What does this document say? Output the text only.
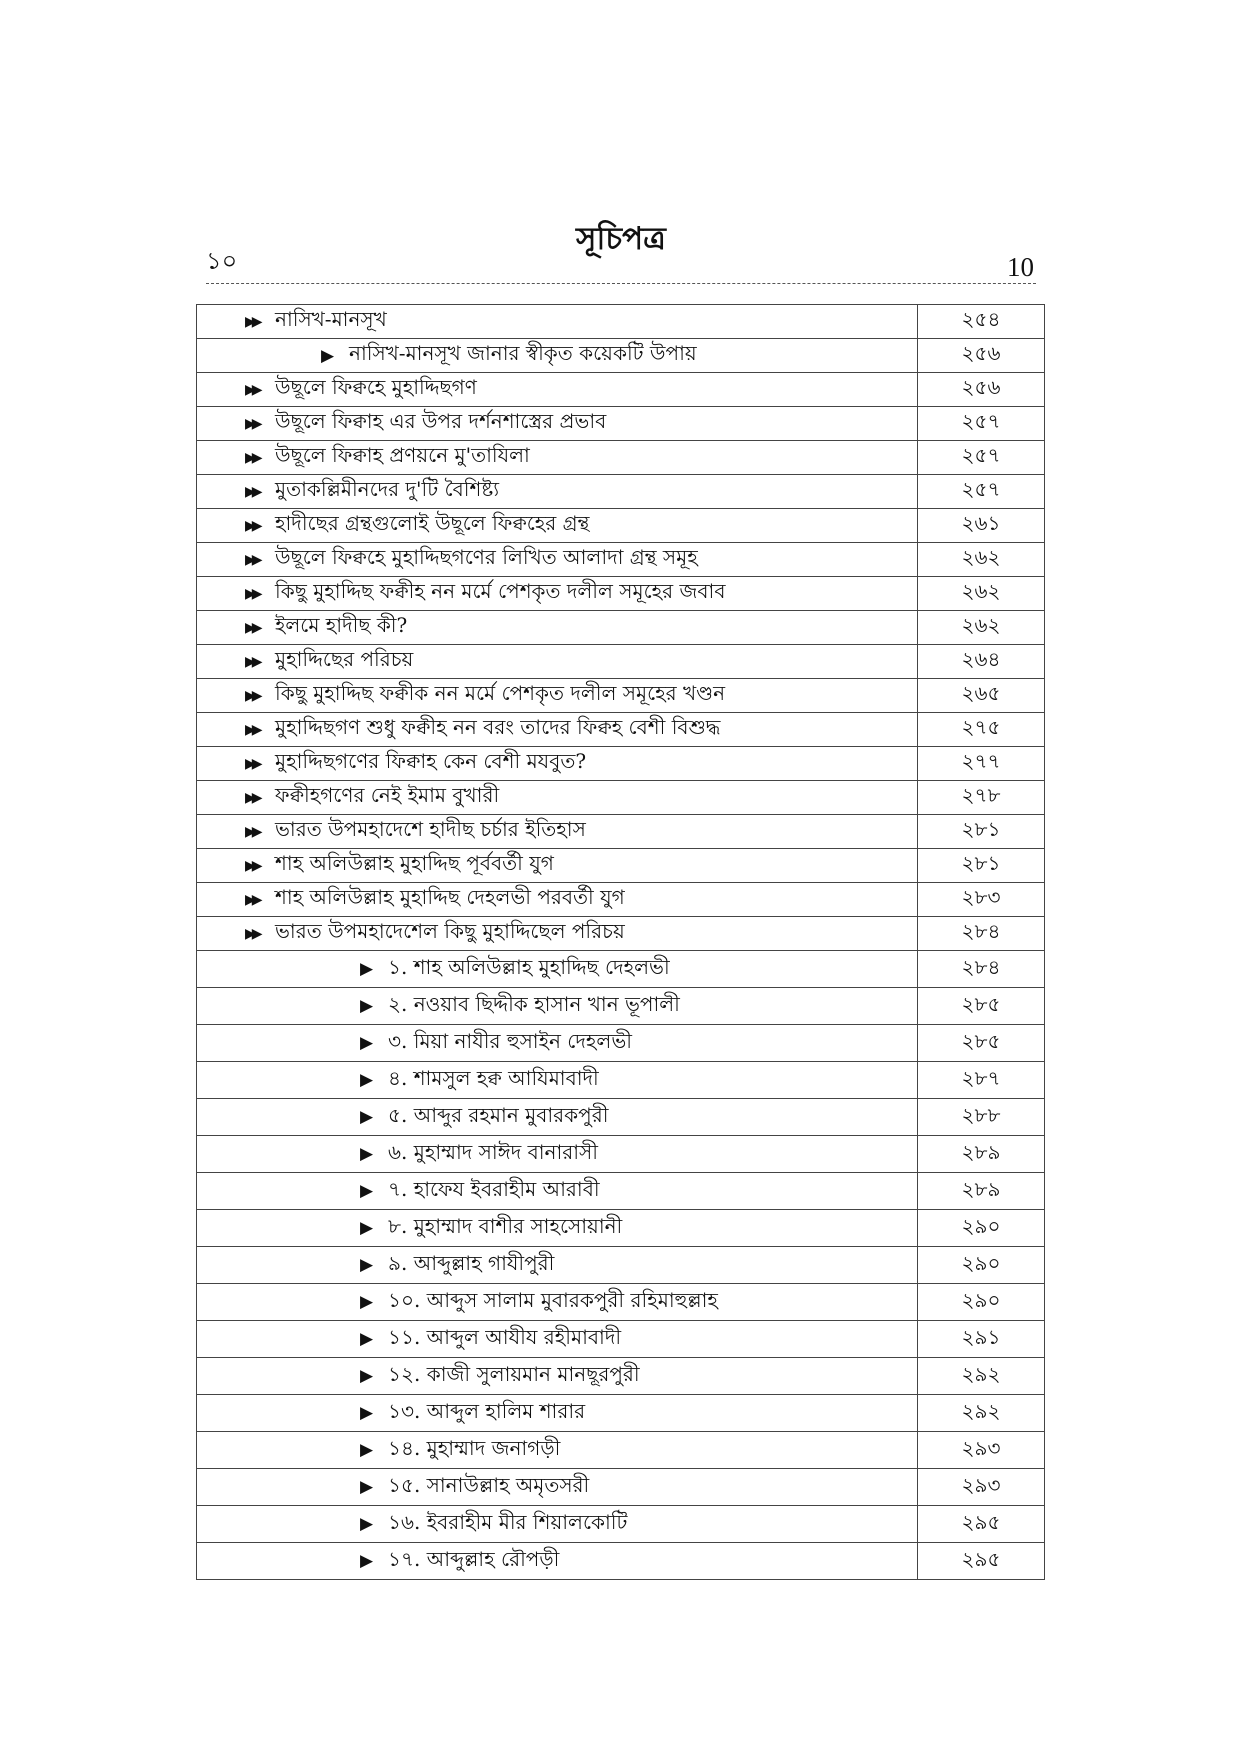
১০
সূচিপত্র
10
▶▶ নাসিখ-মানসূখ	২৫৪
▶ নাসিখ-মানসূখ জানার স্বীকৃত কয়েকটি উপায়	২৫৬
▶▶ উছূলে ফিক্বহে মুহাদ্দিছগণ	২৫৬
▶▶ উছূলে ফিক্বাহ এর উপর দর্শনশাস্ত্রের প্রভাব	২৫৭
▶▶ উছূলে ফিক্বাহ প্রণয়নে মু'তাযিলা	২৫৭
▶▶ মুতাকল্লিমীনদের দু'টি বৈশিষ্ট্য	২৫৭
▶▶ হাদীছের গ্রন্থগুলোই উছূলে ফিক্বহের গ্রন্থ	২৬১
▶▶ উছূলে ফিক্বহে মুহাদ্দিছগণের লিখিত আলাদা গ্রন্থ সমূহ	২৬২
▶▶ কিছু মুহাদ্দিছ ফক্বীহ নন মর্মে পেশকৃত দলীল সমূহের জবাব	২৬২
▶▶ ইলমে হাদীছ কী?	২৬২
▶▶ মুহাদ্দিছের পরিচয়	২৬৪
▶▶ কিছু মুহাদ্দিছ ফক্বীক নন মর্মে পেশকৃত দলীল সমূহের খণ্ডন	২৬৫
▶▶ মুহাদ্দিছগণ শুধু ফক্বীহ নন বরং তাদের ফিক্বহ বেশী বিশুদ্ধ	২৭৫
▶▶ মুহাদ্দিছগণের ফিক্বাহ কেন বেশী মযবুত?	২৭৭
▶▶ ফক্বীহগণের নেই ইমাম বুখারী	২৭৮
▶▶ ভারত উপমহাদেশে হাদীছ চর্চার ইতিহাস	২৮১
▶▶ শাহ অলিউল্লাহ মুহাদ্দিছ পূর্ববর্তী যুগ	২৮১
▶▶ শাহ অলিউল্লাহ মুহাদ্দিছ দেহলভী পরবর্তী যুগ	২৮৩
▶▶ ভারত উপমহাদেশেল কিছু মুহাদ্দিছেল পরিচয়	২৮৪
▶ ১. শাহ অলিউল্লাহ মুহাদ্দিছ দেহলভী	২৮৪
▶ ২. নওয়াব ছিদ্দীক হাসান খান ভূপালী	২৮৫
▶ ৩. মিয়া নাযীর হুসাইন দেহলভী	২৮৫
▶ ৪. শামসুল হক্ব আযিমাবাদী	২৮৭
▶ ৫. আব্দুর রহমান মুবারকপুরী	২৮৮
▶ ৬. মুহাম্মাদ সাঈদ বানারাসী	২৮৯
▶ ৭. হাফেয ইবরাহীম আরাবী	২৮৯
▶ ৮. মুহাম্মাদ বাশীর সাহসোয়ানী	২৯০
▶ ৯. আব্দুল্লাহ গাযীপুরী	২৯০
▶ ১০. আব্দুস সালাম মুবারকপুরী রহিমাহুল্লাহ	২৯০
▶ ১১. আব্দুল আযীয রহীমাবাদী	২৯১
▶ ১২. কাজী সুলায়মান মানছূরপুরী	২৯২
▶ ১৩. আব্দুল হালিম শারার	২৯২
▶ ১৪. মুহাম্মাদ জনাগড়ী	২৯৩
▶ ১৫. সানাউল্লাহ অমৃতসরী	২৯৩
▶ ১৬. ইবরাহীম মীর শিয়ালকোটি	২৯৫
▶ ১৭. আব্দুল্লাহ রৌপড়ী	২৯৫
